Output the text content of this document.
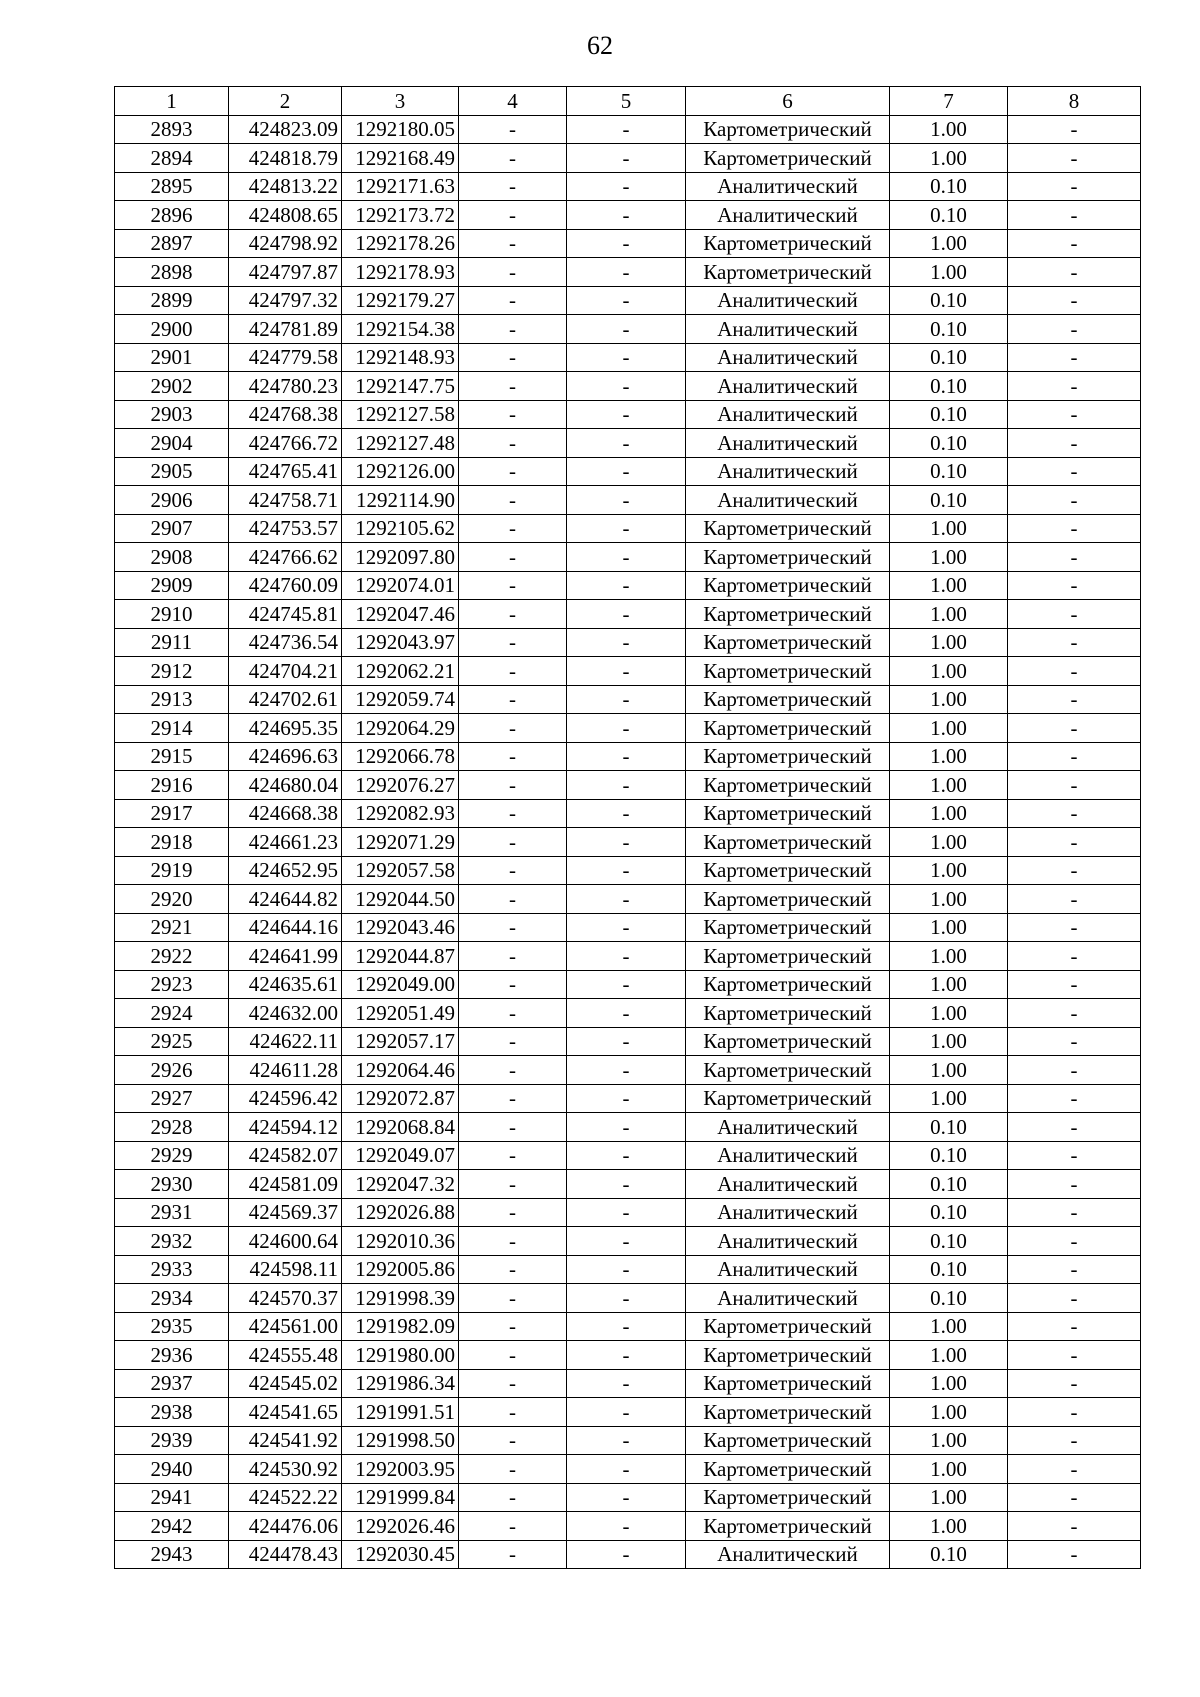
62
1	2	3	4	5	6	7	8
2893	424823.09	1292180.05	-	-	Картометрический	1.00	-
2894	424818.79	1292168.49	-	-	Картометрический	1.00	-
2895	424813.22	1292171.63	-	-	Аналитический	0.10	-
2896	424808.65	1292173.72	-	-	Аналитический	0.10	-
2897	424798.92	1292178.26	-	-	Картометрический	1.00	-
2898	424797.87	1292178.93	-	-	Картометрический	1.00	-
2899	424797.32	1292179.27	-	-	Аналитический	0.10	-
2900	424781.89	1292154.38	-	-	Аналитический	0.10	-
2901	424779.58	1292148.93	-	-	Аналитический	0.10	-
2902	424780.23	1292147.75	-	-	Аналитический	0.10	-
2903	424768.38	1292127.58	-	-	Аналитический	0.10	-
2904	424766.72	1292127.48	-	-	Аналитический	0.10	-
2905	424765.41	1292126.00	-	-	Аналитический	0.10	-
2906	424758.71	1292114.90	-	-	Аналитический	0.10	-
2907	424753.57	1292105.62	-	-	Картометрический	1.00	-
2908	424766.62	1292097.80	-	-	Картометрический	1.00	-
2909	424760.09	1292074.01	-	-	Картометрический	1.00	-
2910	424745.81	1292047.46	-	-	Картометрический	1.00	-
2911	424736.54	1292043.97	-	-	Картометрический	1.00	-
2912	424704.21	1292062.21	-	-	Картометрический	1.00	-
2913	424702.61	1292059.74	-	-	Картометрический	1.00	-
2914	424695.35	1292064.29	-	-	Картометрический	1.00	-
2915	424696.63	1292066.78	-	-	Картометрический	1.00	-
2916	424680.04	1292076.27	-	-	Картометрический	1.00	-
2917	424668.38	1292082.93	-	-	Картометрический	1.00	-
2918	424661.23	1292071.29	-	-	Картометрический	1.00	-
2919	424652.95	1292057.58	-	-	Картометрический	1.00	-
2920	424644.82	1292044.50	-	-	Картометрический	1.00	-
2921	424644.16	1292043.46	-	-	Картометрический	1.00	-
2922	424641.99	1292044.87	-	-	Картометрический	1.00	-
2923	424635.61	1292049.00	-	-	Картометрический	1.00	-
2924	424632.00	1292051.49	-	-	Картометрический	1.00	-
2925	424622.11	1292057.17	-	-	Картометрический	1.00	-
2926	424611.28	1292064.46	-	-	Картометрический	1.00	-
2927	424596.42	1292072.87	-	-	Картометрический	1.00	-
2928	424594.12	1292068.84	-	-	Аналитический	0.10	-
2929	424582.07	1292049.07	-	-	Аналитический	0.10	-
2930	424581.09	1292047.32	-	-	Аналитический	0.10	-
2931	424569.37	1292026.88	-	-	Аналитический	0.10	-
2932	424600.64	1292010.36	-	-	Аналитический	0.10	-
2933	424598.11	1292005.86	-	-	Аналитический	0.10	-
2934	424570.37	1291998.39	-	-	Аналитический	0.10	-
2935	424561.00	1291982.09	-	-	Картометрический	1.00	-
2936	424555.48	1291980.00	-	-	Картометрический	1.00	-
2937	424545.02	1291986.34	-	-	Картометрический	1.00	-
2938	424541.65	1291991.51	-	-	Картометрический	1.00	-
2939	424541.92	1291998.50	-	-	Картометрический	1.00	-
2940	424530.92	1292003.95	-	-	Картометрический	1.00	-
2941	424522.22	1291999.84	-	-	Картометрический	1.00	-
2942	424476.06	1292026.46	-	-	Картометрический	1.00	-
2943	424478.43	1292030.45	-	-	Аналитический	0.10	-
